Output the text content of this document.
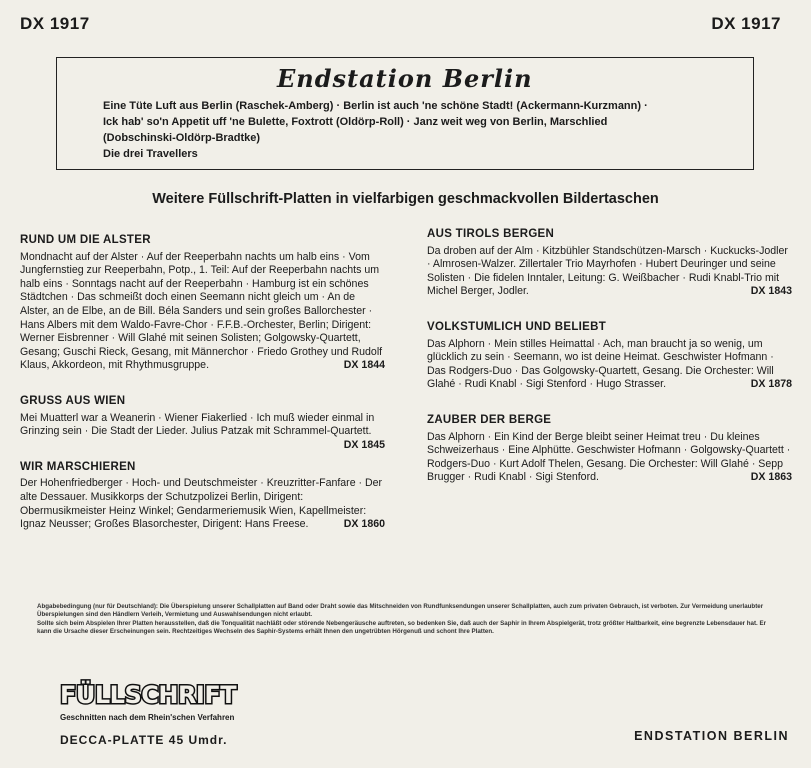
DX 1917	DX 1917
Endstation Berlin
Eine Tüte Luft aus Berlin (Raschek-Amberg) · Berlin ist auch 'ne schöne Stadt! (Ackermann-Kurzmann) ·
Ick hab' so'n Appetit uff 'ne Bulette, Foxtrott (Oldörp-Roll) · Janz weit weg von Berlin, Marschlied
(Dobschinski-Oldörp-Bradtke)
Die drei Travellers
Weitere Füllschrift-Platten in vielfarbigen geschmackvollen Bildertaschen
RUND UM DIE ALSTER

Mondnacht auf der Alster · Auf der Reeperbahn nachts um halb eins · Vom Jungfernstieg zur Reeperbahn, Potp., 1. Teil: Auf der Reeperbahn nachts um halb eins · Sonntags nacht auf der Reeperbahn · Hamburg ist ein schönes Städtchen · Das schmeißt doch einen Seemann nicht gleich um · An de Alster, an de Elbe, an de Bill. Béla Sanders und sein großes Ballorchester · Hans Albers mit dem Waldo-Favre-Chor · F.F.B.-Orchester, Berlin; Dirigent: Werner Eisbrenner · Will Glahé mit seinen Solisten; Golgowsky-Quartett, Gesang; Guschi Rieck, Gesang, mit Männerchor · Friedo Grothey und Rudolf Klaus, Akkordeon, mit Rhythmusgruppe.	DX 1844

GRUSS AUS WIEN

Mei Muatterl war a Weanerin · Wiener Fiakerlied · Ich muß wieder einmal in Grinzing sein · Die Stadt der Lieder. Julius Patzak mit Schrammel-Quartett.
DX 1845

WIR MARSCHIEREN

Der Hohenfriedberger · Hoch- und Deutschmeister · Kreuzritter-Fanfare · Der alte Dessauer. Musikkorps der Schutzpolizei Berlin, Dirigent: Obermusikmeister Heinz Winkel; Gendarmeriemusik Wien, Kapellmeister: Ignaz Neusser; Großes Blasorchester, Dirigent: Hans Freese.	DX 1860

AUS TIROLS BERGEN

Da droben auf der Alm · Kitzbühler Standschützen-Marsch · Kuckucks-Jodler · Almrosen-Walzer. Zillertaler Trio Mayrhofen · Hubert Deuringer und seine Solisten · Die fidelen Inntaler, Leitung: G. Weißbacher · Rudi Knabl-Trio mit Michel Berger, Jodler.	DX 1843

VOLKSTUMLICH UND BELIEBT

Das Alphorn · Mein stilles Heimattal · Ach, man braucht ja so wenig, um glücklich zu sein · Seemann, wo ist deine Heimat. Geschwister Hofmann · Das Rodgers-Duo · Das Golgowsky-Quartett, Gesang. Die Orchester: Will Glahé · Rudi Knabl · Sigi Stenford · Hugo Strasser.	DX 1878

ZAUBER DER BERGE

Das Alphorn · Ein Kind der Berge bleibt seiner Heimat treu · Du kleines Schweizerhaus · Eine Alphütte. Geschwister Hofmann · Golgowsky-Quartett · Rodgers-Duo · Kurt Adolf Thelen, Gesang. Die Orchester: Will Glahé · Sepp Brugger · Rudi Knabl · Sigi Stenford.	DX 1863

Abgabebedingung (nur für Deutschland): Die Überspielung unserer Schallplatten auf Band oder Draht sowie das Mitschneiden von Rundfunksendungen unserer Schallplatten, auch zum privaten Gebrauch, ist verboten. Zur Vermeidung unerlaubter Überspielungen sind den Händlern Verleih, Vermietung und Auswahlsendungen nicht erlaubt.
Sollte sich beim Abspielen Ihrer Platten herausstellen, daß die Tonqualität nachläßt oder störende Nebengeräusche auftreten, so bedenken Sie, daß auch der Saphir in Ihrem Abspielgerät, trotz größter Haltbarkeit, eine begrenzte Lebensdauer hat. Er kann die Ursache dieser Erscheinungen sein. Rechtzeitiges Wechseln des Saphir-Systems erhält Ihnen den ungetrübten Hörgenuß und schont Ihre Platten.
FÜLLSCHRIFT
Geschnitten nach dem Rhein'schen Verfahren
DECCA-PLATTE 45 Umdr.	ENDSTATION BERLIN
